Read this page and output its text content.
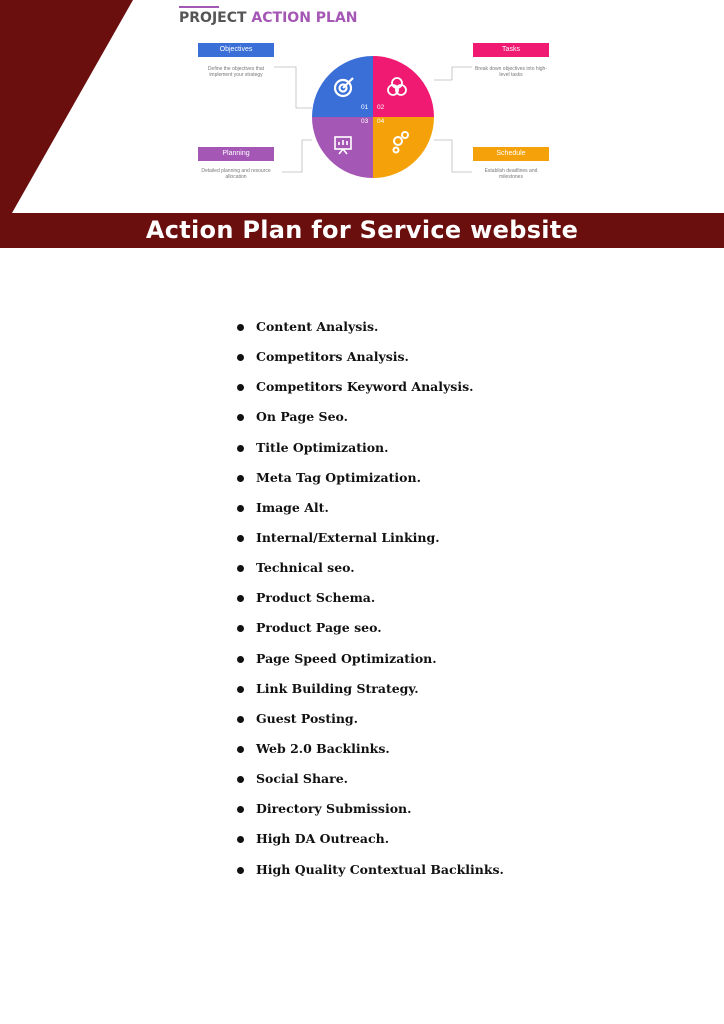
PROJECT ACTION PLAN
01 02
03 04
Objectives
Define the objectives that implement your strategy
Tasks
Break down objectives into high-level tasks
Planning
Detailed planning and resource allocation
Schedule
Establish deadlines and milestones
Action Plan for Service website
Content Analysis.
Competitors Analysis.
Competitors Keyword Analysis.
On Page Seo.
Title Optimization.
Meta Tag Optimization.
Image Alt.
Internal/External Linking.
Technical seo.
Product Schema.
Product Page seo.
Page Speed Optimization.
Link Building Strategy.
Guest Posting.
Web 2.0 Backlinks.
Social Share.
Directory Submission.
High DA Outreach.
High Quality Contextual Backlinks.
